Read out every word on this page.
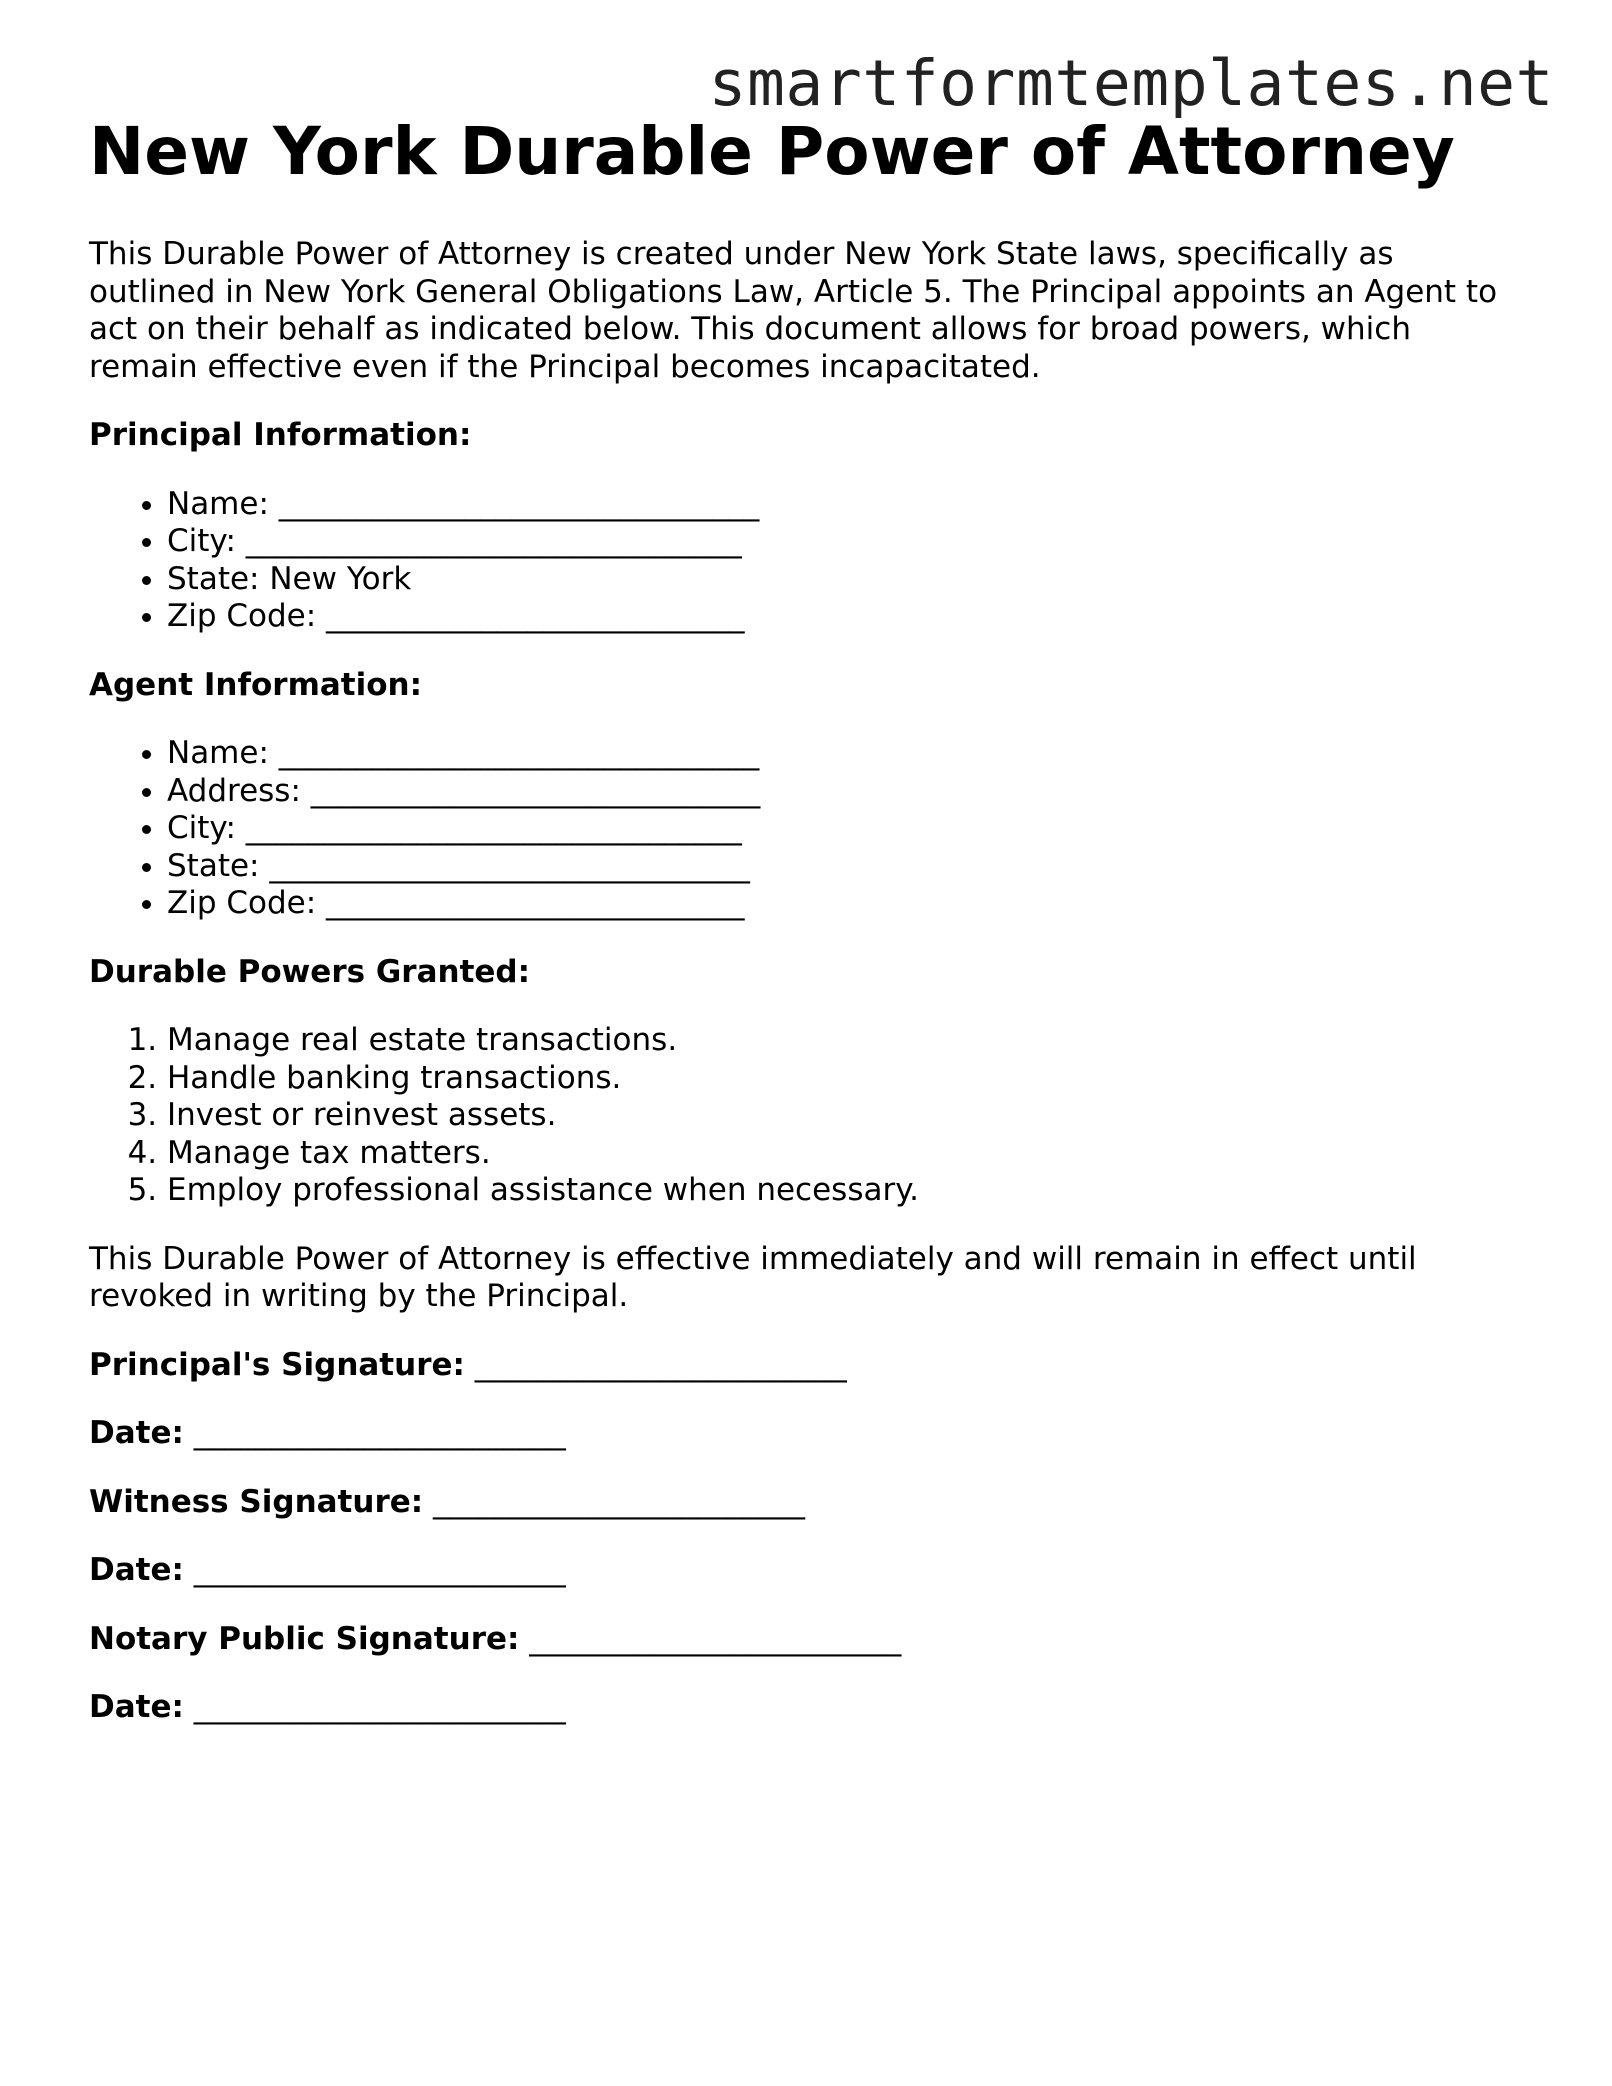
smartformtemplates.net
New York Durable Power of Attorney

This Durable Power of Attorney is created under New York State laws, specifically as outlined in New York General Obligations Law, Article 5. The Principal appoints an Agent to act on their behalf as indicated below. This document allows for broad powers, which remain effective even if the Principal becomes incapacitated.

Principal Information:

• Name: _______________________________
• City: ________________________________
• State: New York
• Zip Code: ___________________________

Agent Information:

• Name: _______________________________
• Address: _____________________________
• City: ________________________________
• State: _______________________________
• Zip Code: ___________________________

Durable Powers Granted:

1. Manage real estate transactions.
2. Handle banking transactions.
3. Invest or reinvest assets.
4. Manage tax matters.
5. Employ professional assistance when necessary.

This Durable Power of Attorney is effective immediately and will remain in effect until revoked in writing by the Principal.

Principal's Signature: ________________________
Date: ________________________
Witness Signature: ________________________
Date: ________________________
Notary Public Signature: ________________________
Date: ________________________
